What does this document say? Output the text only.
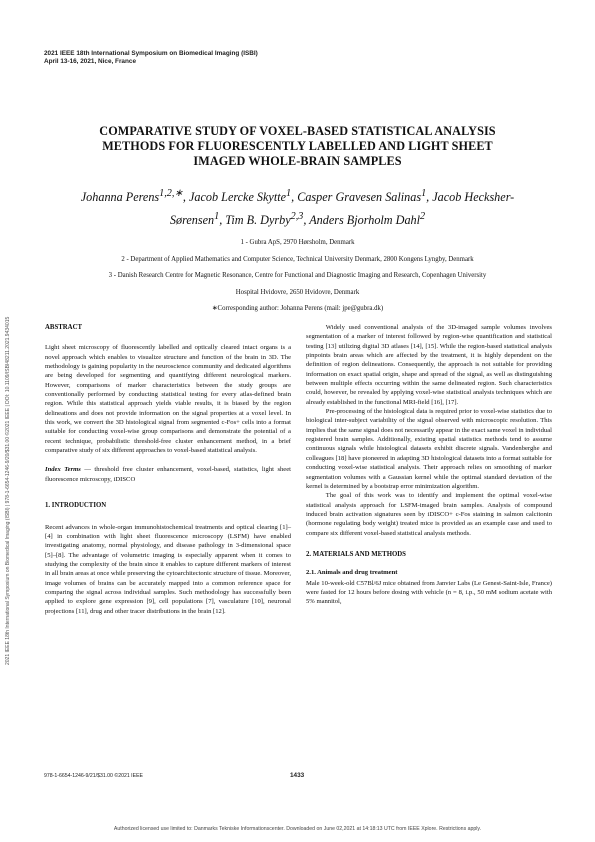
2021 IEEE 18th International Symposium on Biomedical Imaging (ISBI) | 978-1-6654-1246-9/20/$31.00 ©2021 IEEE | DOI: 10.1109/ISBI48211.2021.9434015
2021 IEEE 18th International Symposium on Biomedical Imaging (ISBI)
April 13-16, 2021, Nice, France
COMPARATIVE STUDY OF VOXEL-BASED STATISTICAL ANALYSIS
METHODS FOR FLUORESCENTLY LABELLED AND LIGHT SHEET
IMAGED WHOLE-BRAIN SAMPLES
Johanna Perens$^{1,2,∗}$, Jacob Lercke Skytte$^1$, Casper Gravesen Salinas$^1$, Jacob Hecksher-
Sørensen$^1$, Tim B. Dyrby$^{2,3}$, Anders Bjorholm Dahl$^2$
1 - Gubra ApS, 2970 Hørsholm, Denmark
2 - Department of Applied Mathematics and Computer Science, Technical University Denmark, 2800 Kongens Lyngby, Denmark
3 - Danish Research Centre for Magnetic Resonance, Centre for Functional and Diagnostic Imaging and Research, Copenhagen University
Hospital Hvidovre, 2650 Hvidovre, Denmark
∗Corresponding author: Johanna Perens (mail: jpe@gubra.dk)

ABSTRACT

Light sheet microscopy of fluorescently labelled and optically cleared intact organs is a novel approach which enables to visualize structure and function of the brain in 3D. The methodology is gaining popularity in the neuroscience community and dedicated algorithms are being developed for segmenting and quantifying different neurological markers. However, comparisons of marker characteristics between the study groups are conventionally performed by conducting statistical testing for every atlas-defined brain region. While this statistical approach yields viable results, it is biased by the region delineations and does not provide information on the signal properties at a voxel level. In this work, we convert the 3D histological signal from segmented c-Fos+ cells into a format suitable for conducting voxel-wise group comparisons and demonstrate the potential of a recent technique, probabilistic threshold-free cluster enhancement method, in a brief comparative study of six different approaches to voxel-based statistical analysis.

Index Terms — threshold free cluster enhancement, voxel-based, statistics, light sheet fluorescence microscopy, iDISCO

1. INTRODUCTION

Recent advances in whole-organ immunohistochemical treatments and optical clearing [1]–[4] in combination with light sheet fluorescence microscopy (LSFM) have enabled investigating anatomy, normal physiology, and disease pathology in 3-dimensional space [5]–[8]. The advantage of volumetric imaging is especially apparent when it comes to studying the complexity of the brain since it enables to capture different markers of interest in all brain areas at once while preserving the cytoarchitectonic structure of tissue. Moreover, image volumes of brains can be accurately mapped into a common reference space for comparing the signal across individual samples. Such methodology has successfully been applied to explore gene expression [9], cell populations [7], vasculature [10], neuronal projections [11], drug and other tracer distributions in the brain [12].

Widely used conventional analysis of the 3D-imaged sample volumes involves segmentation of a marker of interest followed by region-wise quantification and statistical testing [13] utilizing digital 3D atlases [14], [15]. While the region-based statistical analysis pinpoints brain areas which are affected by the treatment, it is highly dependent on the definition of region delineations. Consequently, the approach is not suitable for providing information on exact spatial origin, shape and spread of the signal, as well as distinguishing between multiple effects occurring within the same delineated region. Such characteristics could, however, be revealed by applying voxel-wise statistical analysis techniques which are already established in the functional MRI-field [16], [17].

Pre-processing of the histological data is required prior to voxel-wise statistics due to biological inter-subject variability of the signal observed with microscopic resolution. This implies that the same signal does not necessarily appear in the exact same voxel in individual registered brain samples. Additionally, existing spatial statistics methods tend to assume continuous signals while histological datasets exhibit discrete signals. Vandenberghe and colleagues [18] have pioneered in adapting 3D histological datasets into a format suitable for conducting voxel-wise statistical analysis. Their approach relies on smoothing of marker segmentation volumes with a Gaussian kernel while the optimal standard deviation of the kernel is determined by a bootstrap error minimization algorithm.

The goal of this work was to identify and implement the optimal voxel-wise statistical analysis approach for LSFM-imaged brain samples. Analysis of compound induced brain activation signatures seen by iDISCO+ c-Fos staining in salmon calcitonin (hormone regulating body weight) treated mice is provided as an example case and used to compare six different voxel-based statistical analysis methods.

2. MATERIALS AND METHODS

2.1. Animals and drug treatment

Male 10-week-old C57Bl/6J mice obtained from Janvier Labs (Le Genest-Saint-Isle, France) were fasted for 12 hours before dosing with vehicle (n = 8, i.p., 50 mM sodium acetate with 5% mannitol,

978-1-6654-1246-9/21/$31.00 ©2021 IEEE	1433
Authorized licensed use limited to: Danmarks Tekniske Informationscenter. Downloaded on June 02,2021 at 14:18:13 UTC from IEEE Xplore. Restrictions apply.
